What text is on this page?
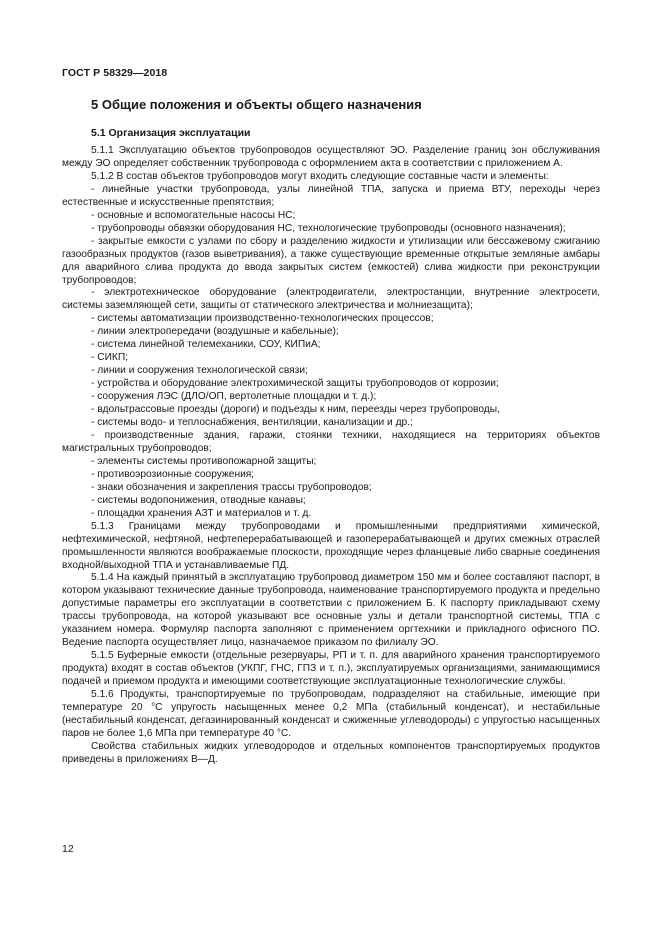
ГОСТ Р 58329—2018
5 Общие положения и объекты общего назначения
5.1 Организация эксплуатации

5.1.1 Эксплуатацию объектов трубопроводов осуществляют ЭО. Разделение границ зон обслуживания между ЭО определяет собственник трубопровода с оформлением акта в соответствии с приложением А.

5.1.2 В состав объектов трубопроводов могут входить следующие составные части и элементы:

- линейные участки трубопровода, узлы линейной ТПА, запуска и приема ВТУ, переходы через естественные и искусственные препятствия;

- основные и вспомогательные насосы НС;

- трубопроводы обвязки оборудования НС, технологические трубопроводы (основного назначения);

- закрытые емкости с узлами по сбору и разделению жидкости и утилизации или бессажевому сжиганию газообразных продуктов (газов выветривания), а также существующие временные открытые земляные амбары для аварийного слива продукта до ввода закрытых систем (емкостей) слива жидкости при реконструкции трубопроводов;

- электротехническое оборудование (электродвигатели, электростанции, внутренние электросети, системы заземляющей сети, защиты от статического электричества и молниезащита);

- системы автоматизации производственно-технологических процессов;

- линии электропередачи (воздушные и кабельные);

- система линейной телемеханики, СОУ, КИПиА;

- СИКП;

- линии и сооружения технологической связи;

- устройства и оборудование электрохимической защиты трубопроводов от коррозии;

- сооружения ЛЭС (ДЛО/ОП, вертолетные площадки и т. д.);

- вдольтрассовые проезды (дороги) и подъезды к ним, переезды через трубопроводы,

- системы водо- и теплоснабжения, вентиляции, канализации и др.;

- производственные здания, гаражи, стоянки техники, находящиеся на территориях объектов магистральных трубопроводов;

- элементы системы противопожарной защиты;

- противоэрозионные сооружения;

- знаки обозначения и закрепления трассы трубопроводов;

- системы водопонижения, отводные канавы;

- площадки хранения АЗТ и материалов и т. д.

5.1.3 Границами между трубопроводами и промышленными предприятиями химической, нефтехимической, нефтяной, нефтеперерабатывающей и газоперерабатывающей и других смежных отраслей промышленности являются воображаемые плоскости, проходящие через фланцевые либо сварные соединения входной/выходной ТПА и устанавливаемые ПД.

5.1.4 На каждый принятый в эксплуатацию трубопровод диаметром 150 мм и более составляют паспорт, в котором указывают технические данные трубопровода, наименование транспортируемого продукта и предельно допустимые параметры его эксплуатации в соответствии с приложением Б. К паспорту прикладывают схему трассы трубопровода, на которой указывают все основные узлы и детали транспортной системы, ТПА с указанием номера. Формуляр паспорта заполняют с применением оргтехники и прикладного офисного ПО. Ведение паспорта осуществляет лицо, назначаемое приказом по филиалу ЭО.

5.1.5 Буферные емкости (отдельные резервуары, РП и т. п. для аварийного хранения транспортируемого продукта) входят в состав объектов (УКПГ, ГНС, ГПЗ и т. п.), эксплуатируемых организациями, занимающимися подачей и приемом продукта и имеющими соответствующие эксплуатационные технологические службы.

5.1.6 Продукты, транспортируемые по трубопроводам, подразделяют на стабильные, имеющие при температуре 20 °С упругость насыщенных менее 0,2 МПа (стабильный конденсат), и нестабильные (нестабильный конденсат, дегазинированный конденсат и сжиженные углеводороды) с упругостью насыщенных паров не более 1,6 МПа при температуре 40 °С.

Свойства стабильных жидких углеводородов и отдельных компонентов транспортируемых продуктов приведены в приложениях В—Д.

12
